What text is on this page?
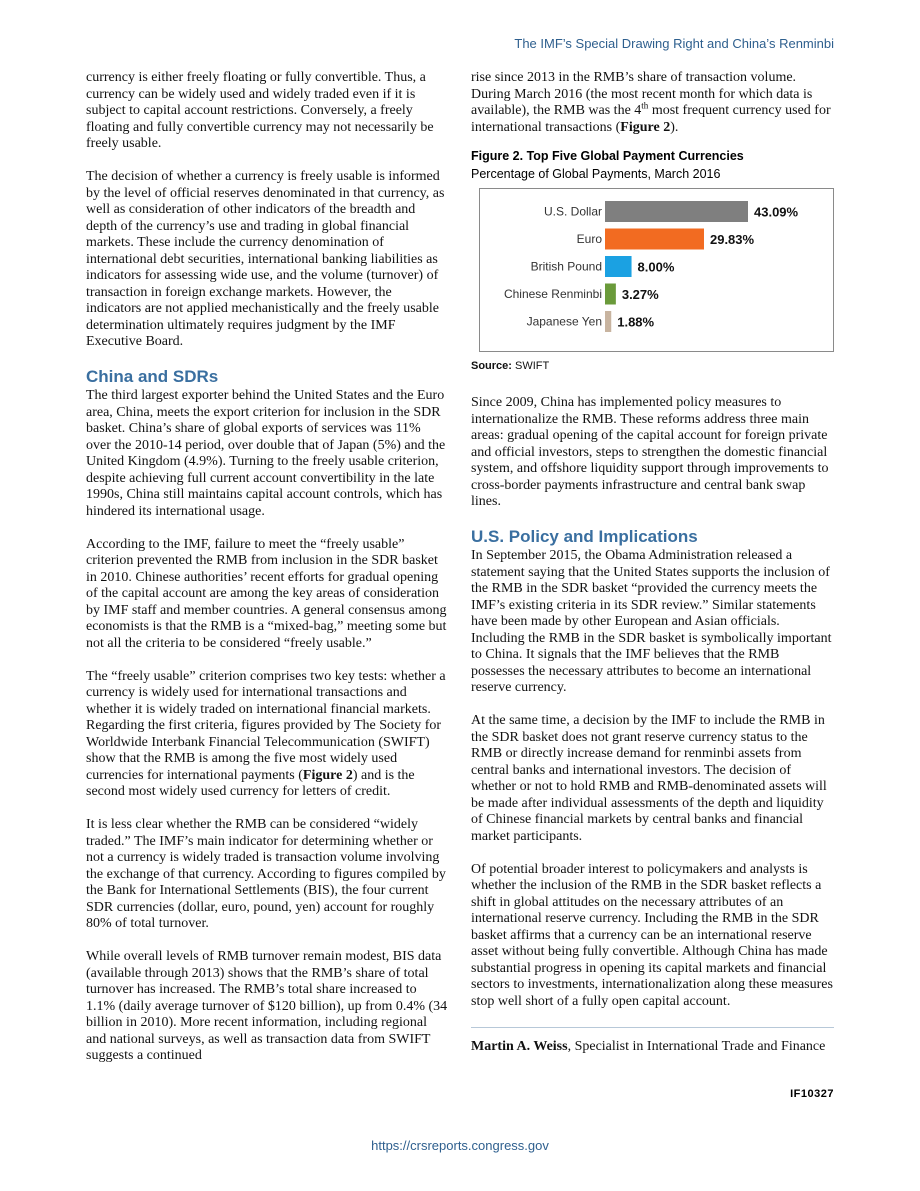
The IMF’s Special Drawing Right and China’s Renminbi

currency is either freely floating or fully convertible. Thus, a currency can be widely used and widely traded even if it is subject to capital account restrictions. Conversely, a freely floating and fully convertible currency may not necessarily be freely usable.

The decision of whether a currency is freely usable is informed by the level of official reserves denominated in that currency, as well as consideration of other indicators of the breadth and depth of the currency’s use and trading in global financial markets. These include the currency denomination of international debt securities, international banking liabilities as indicators for assessing wide use, and the volume (turnover) of transaction in foreign exchange markets. However, the indicators are not applied mechanistically and the freely usable determination ultimately requires judgment by the IMF Executive Board.

China and SDRs

The third largest exporter behind the United States and the Euro area, China, meets the export criterion for inclusion in the SDR basket. China’s share of global exports of services was 11% over the 2010-14 period, over double that of Japan (5%) and the United Kingdom (4.9%). Turning to the freely usable criterion, despite achieving full current account convertibility in the late 1990s, China still maintains capital account controls, which has hindered its international usage.

According to the IMF, failure to meet the “freely usable” criterion prevented the RMB from inclusion in the SDR basket in 2010. Chinese authorities’ recent efforts for gradual opening of the capital account are among the key areas of consideration by IMF staff and member countries. A general consensus among economists is that the RMB is a “mixed-bag,” meeting some but not all the criteria to be considered “freely usable.”

The “freely usable” criterion comprises two key tests: whether a currency is widely used for international transactions and whether it is widely traded on international financial markets. Regarding the first criteria, figures provided by The Society for Worldwide Interbank Financial Telecommunication (SWIFT) show that the RMB is among the five most widely used currencies for international payments (Figure 2) and is the second most widely used currency for letters of credit.

It is less clear whether the RMB can be considered “widely traded.” The IMF’s main indicator for determining whether or not a currency is widely traded is transaction volume involving the exchange of that currency. According to figures compiled by the Bank for International Settlements (BIS), the four current SDR currencies (dollar, euro, pound, yen) account for roughly 80% of total turnover.

While overall levels of RMB turnover remain modest, BIS data (available through 2013) shows that the RMB’s share of total turnover has increased. The RMB’s total share increased to 1.1% (daily average turnover of $120 billion), up from 0.4% (34 billion in 2010). More recent information, including regional and national surveys, as well as transaction data from SWIFT suggests a continued

rise since 2013 in the RMB’s share of transaction volume. During March 2016 (the most recent month for which data is available), the RMB was the 4th most frequent currency used for international transactions (Figure 2).

Figure 2. Top Five Global Payment Currencies
Percentage of Global Payments, March 2016
U.S. Dollar	43.09%
Euro	29.83%
British Pound	8.00%
Chinese Renminbi 3.27%
Japanese Yen 1.88%
Source: SWIFT

Since 2009, China has implemented policy measures to internationalize the RMB. These reforms address three main areas: gradual opening of the capital account for foreign private and official investors, steps to strengthen the domestic financial system, and offshore liquidity support through improvements to cross-border payments infrastructure and central bank swap lines.

U.S. Policy and Implications

In September 2015, the Obama Administration released a statement saying that the United States supports the inclusion of the RMB in the SDR basket “provided the currency meets the IMF’s existing criteria in its SDR review.” Similar statements have been made by other European and Asian officials. Including the RMB in the SDR basket is symbolically important to China. It signals that the IMF believes that the RMB possesses the necessary attributes to become an international reserve currency.

At the same time, a decision by the IMF to include the RMB in the SDR basket does not grant reserve currency status to the RMB or directly increase demand for renminbi assets from central banks and international investors. The decision of whether or not to hold RMB and RMB-denominated assets will be made after individual assessments of the depth and liquidity of Chinese financial markets by central banks and financial market participants.

Of potential broader interest to policymakers and analysts is whether the inclusion of the RMB in the SDR basket reflects a shift in global attitudes on the necessary attributes of an international reserve currency. Including the RMB in the SDR basket affirms that a currency can be an international reserve asset without being fully convertible. Although China has made substantial progress in opening its capital markets and financial sectors to investments, internationalization along these measures stop well short of a fully open capital account.

Martin A. Weiss, Specialist in International Trade and Finance

IF10327
https://crsreports.congress.gov
